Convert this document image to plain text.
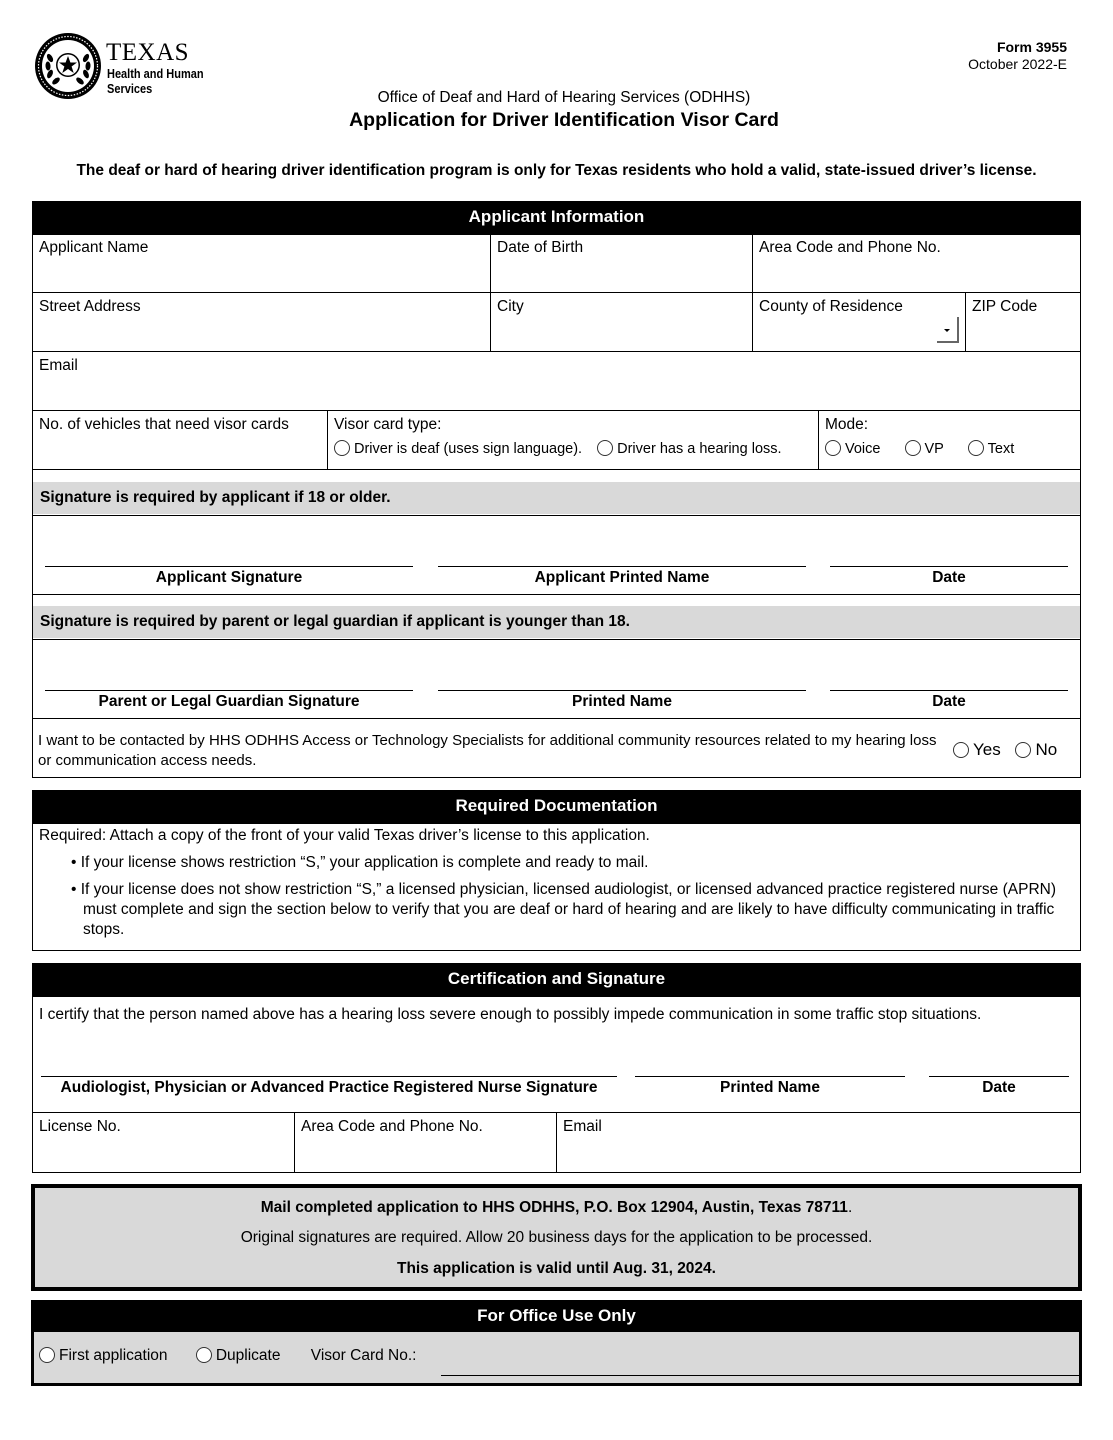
TEXAS
Health and Human
Services
Form 3955
October 2022-E
Office of Deaf and Hard of Hearing Services (ODHHS)
Application for Driver Identification Visor Card
The deaf or hard of hearing driver identification program is only for Texas residents who hold a valid, state-issued driver’s license.
Applicant Information
Applicant Name	Date of Birth	Area Code and Phone No.
Street Address	City	County of Residence	ZIP Code
Email
No. of vehicles that need visor cards	Visor card type:
Driver is deaf (uses sign language). Driver has a hearing loss.
Mode:
Voice	VP	Text
Signature is required by applicant if 18 or older.
Applicant Signature	Applicant Printed Name	Date
Signature is required by parent or legal guardian if applicant is younger than 18.
Parent or Legal Guardian Signature	Printed Name	Date
I want to be contacted by HHS ODHHS Access or Technology Specialists for additional community resources related to my hearing loss or communication access needs.
Yes No
Required Documentation
Required: Attach a copy of the front of your valid Texas driver’s license to this application.
• If your license shows restriction “S,” your application is complete and ready to mail.
• If your license does not show restriction “S,” a licensed physician, licensed audiologist, or licensed advanced practice registered nurse (APRN) must complete and sign the section below to verify that you are deaf or hard of hearing and are likely to have difficulty communicating in traffic stops.
Certification and Signature
I certify that the person named above has a hearing loss severe enough to possibly impede communication in some traffic stop situations.
Audiologist, Physician or Advanced Practice Registered Nurse Signature	Printed Name	Date
License No.	Area Code and Phone No.	Email
Mail completed application to HHS ODHHS, P.O. Box 12904, Austin, Texas 78711.
Original signatures are required. Allow 20 business days for the application to be processed.
This application is valid until Aug. 31, 2024.
For Office Use Only
First application	Duplicate Visor Card No.:
